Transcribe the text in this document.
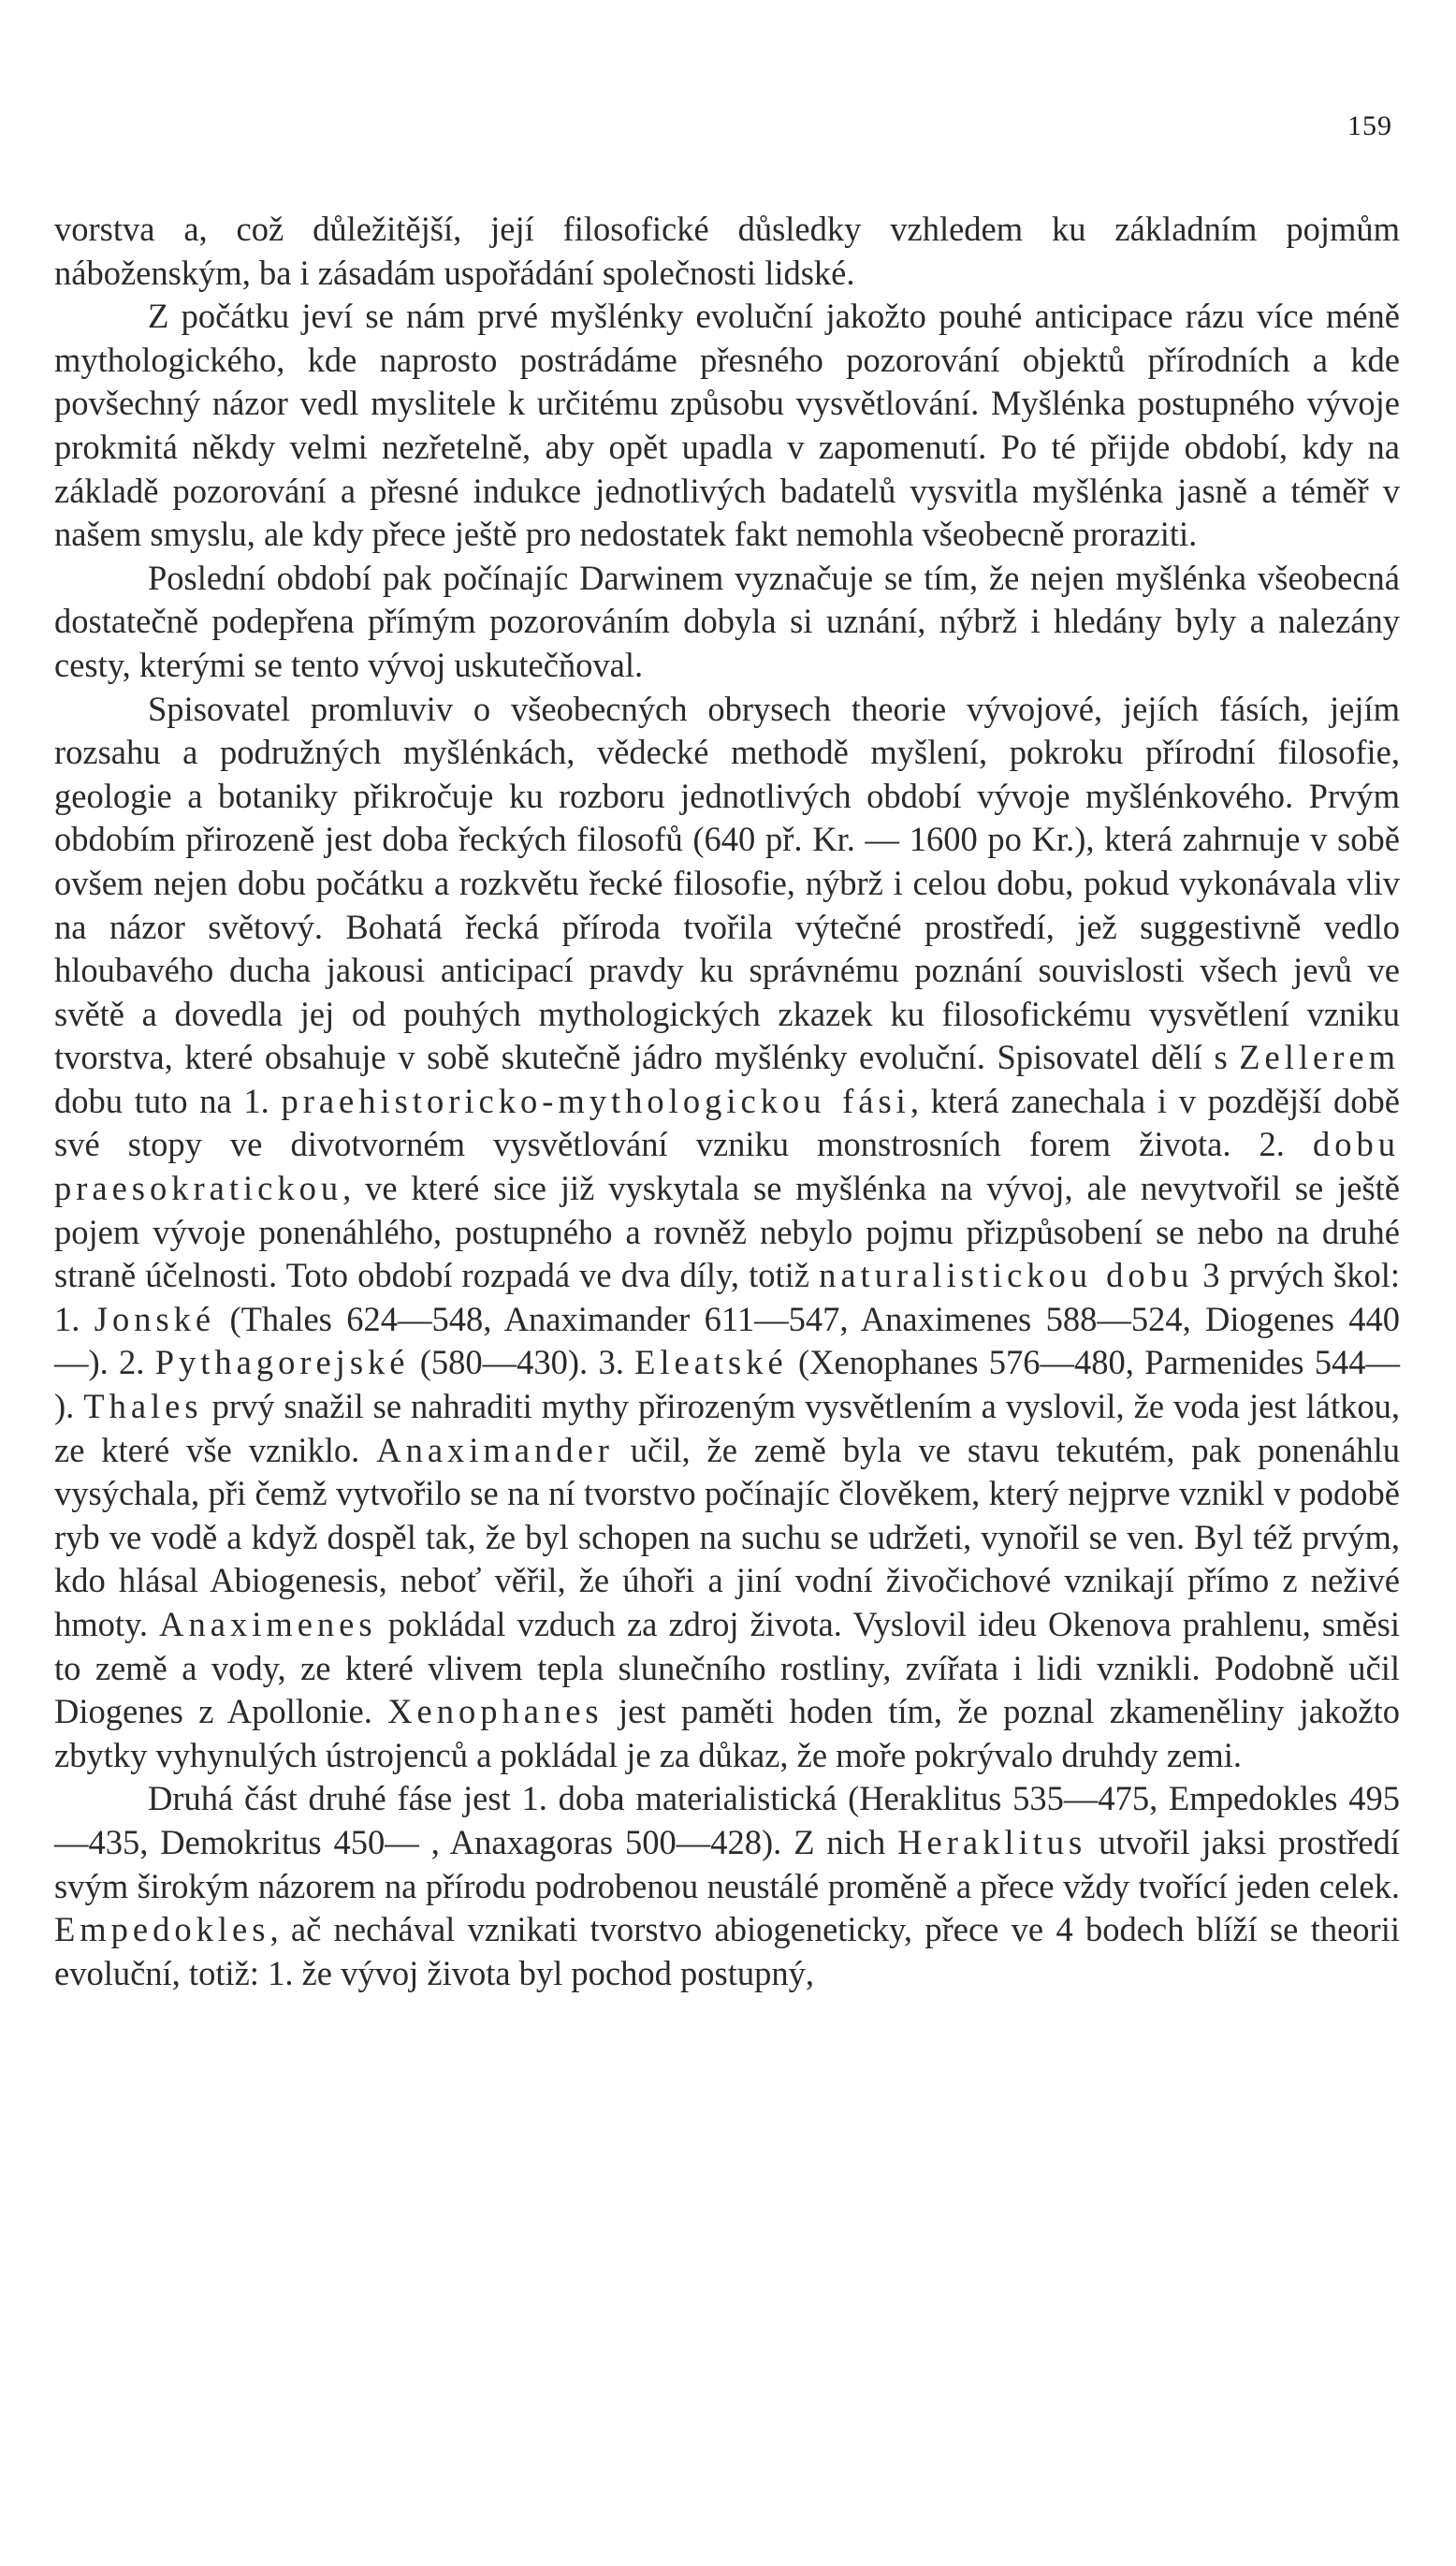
159

vorstva a, což důležitější, její filosofické důsledky vzhledem ku základním pojmům náboženským, ba i zásadám uspořádání společnosti lidské.

Z počátku jeví se nám prvé myšlénky evoluční jakožto pouhé anticipace rázu více méně mythologického, kde naprosto postrádáme přesného pozorování objektů přírodních a kde povšechný názor vedl myslitele k určitému způsobu vysvětlování. Myšlénka postupného vývoje prokmitá někdy velmi nezřetelně, aby opět upadla v zapomenutí. Po té přijde období, kdy na základě pozorování a přesné indukce jednotlivých badatelů vysvitla myšlénka jasně a téměř v našem smyslu, ale kdy přece ještě pro nedostatek fakt nemohla všeobecně proraziti.

Poslední období pak počínajíc Darwinem vyznačuje se tím, že nejen myšlénka všeobecná dostatečně podepřena přímým pozorováním dobyla si uznání, nýbrž i hledány byly a nalezány cesty, kterými se tento vývoj uskutečňoval.

Spisovatel promluviv o všeobecných obrysech theorie vývojové, jejích fásích, jejím rozsahu a podružných myšlénkách, vědecké methodě myšlení, pokroku přírodní filosofie, geologie a botaniky přikročuje ku rozboru jednotlivých období vývoje myšlénkového. Prvým obdobím přirozeně jest doba řeckých filosofů (640 př. Kr. — 1600 po Kr.), která zahrnuje v sobě ovšem nejen dobu počátku a rozkvětu řecké filosofie, nýbrž i celou dobu, pokud vykonávala vliv na názor světový. Bohatá řecká příroda tvořila výtečné prostředí, jež suggestivně vedlo hloubavého ducha jakousi anticipací pravdy ku správnému poznání souvislosti všech jevů ve světě a dovedla jej od pouhých mythologických zkazek ku filosofickému vysvětlení vzniku tvorstva, které obsahuje v sobě skutečně jádro myšlénky evoluční. Spisovatel dělí s Zellerem dobu tuto na 1. praehistoricko-mythologickou fási, která zanechala i v pozdější době své stopy ve divotvorném vysvětlování vzniku monstrosních forem života. 2. dobu praesokratickou, ve které sice již vyskytala se myšlénka na vývoj, ale nevytvořil se ještě pojem vývoje ponenáhlého, postupného a rovněž nebylo pojmu přizpůsobení se nebo na druhé straně účelnosti. Toto období rozpadá ve dva díly, totiž naturalistickou dobu 3 prvých škol: 1. Jonské (Thales 624—548, Anaximander 611—547, Anaximenes 588—524, Diogenes 440 —). 2. Pythagorejské (580—430). 3. Eleatské (Xenophanes 576—480, Parmenides 544— ). Thales prvý snažil se nahraditi mythy přirozeným vysvětlením a vyslovil, že voda jest látkou, ze které vše vzniklo. Anaximander učil, že země byla ve stavu tekutém, pak ponenáhlu vysýchala, při čemž vytvořilo se na ní tvorstvo počínajíc člověkem, který nejprve vznikl v podobě ryb ve vodě a když dospěl tak, že byl schopen na suchu se udržeti, vynořil se ven. Byl též prvým, kdo hlásal Abiogenesis, neboť věřil, že úhoři a jiní vodní živočichové vznikají přímo z neživé hmoty. Anaximenes pokládal vzduch za zdroj života. Vyslovil ideu Okenova prahlenu, směsi to země a vody, ze které vlivem tepla slunečního rostliny, zvířata i lidi vznikli. Podobně učil Diogenes z Apollonie. Xenophanes jest paměti hoden tím, že poznal zkameněliny jakožto zbytky vyhynulých ústrojenců a pokládal je za důkaz, že moře pokrývalo druhdy zemi.

Druhá část druhé fáse jest 1. doba materialistická (Heraklitus 535—475, Empedokles 495—435, Demokritus 450— , Anaxagoras 500—428). Z nich Heraklitus utvořil jaksi prostředí svým širokým názorem na přírodu podrobenou neustálé proměně a přece vždy tvořící jeden celek. Empedokles, ač nechával vznikati tvorstvo abiogeneticky, přece ve 4 bodech blíží se theorii evoluční, totiž: 1. že vývoj života byl pochod postupný,
